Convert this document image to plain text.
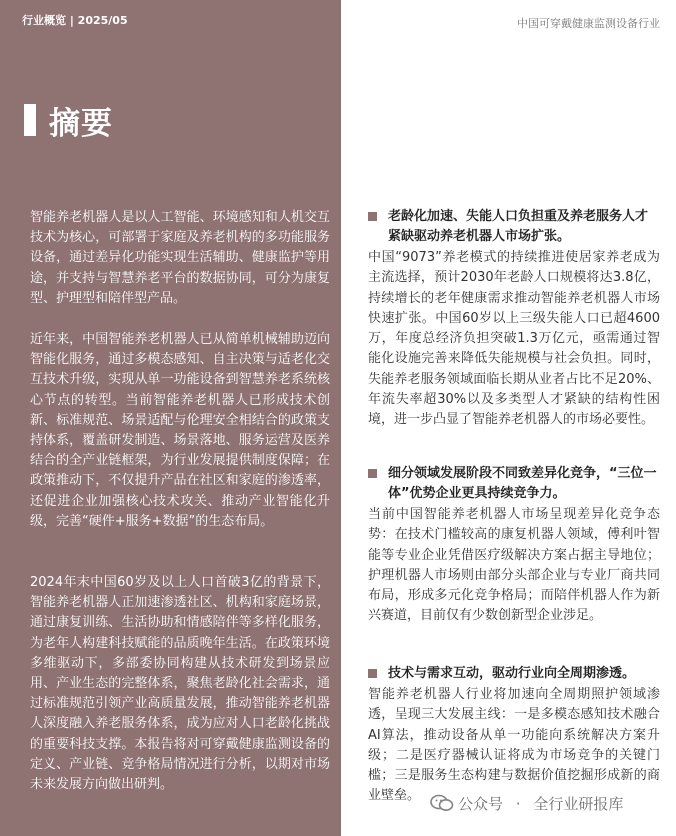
行业概览 | 2025/05
摘要
智能养老机器人是以人工智能、环境感知和人机交互技术为核心，可部署于家庭及养老机构的多功能服务设备，通过差异化功能实现生活辅助、健康监护等用途，并支持与智慧养老平台的数据协同，可分为康复型、护理型和陪伴型产品。
近年来，中国智能养老机器人已从简单机械辅助迈向智能化服务，通过多模态感知、自主决策与适老化交互技术升级，实现从单一功能设备到智慧养老系统核心节点的转型。当前智能养老机器人已形成技术创新、标准规范、场景适配与伦理安全相结合的政策支持体系，覆盖研发制造、场景落地、服务运营及医养结合的全产业链框架，为行业发展提供制度保障；在政策推动下，不仅提升产品在社区和家庭的渗透率，还促进企业加强核心技术攻关、推动产业智能化升级，完善“硬件+服务+数据”的生态布局。
2024年末中国60岁及以上人口首破3亿的背景下，智能养老机器人正加速渗透社区、机构和家庭场景，通过康复训练、生活协助和情感陪伴等多样化服务，为老年人构建科技赋能的品质晚年生活。在政策环境多维驱动下，多部委协同构建从技术研发到场景应用、产业生态的完整体系，聚焦老龄化社会需求，通过标准规范引领产业高质量发展，推动智能养老机器人深度融入养老服务体系，成为应对人口老龄化挑战的重要科技支撑。本报告将对可穿戴健康监测设备的定义、产业链、竞争格局情况进行分析，以期对市场未来发展方向做出研判。
中国可穿戴健康监测设备行业
老龄化加速、失能人口负担重及养老服务人才紧缺驱动养老机器人市场扩张。
中国“9073”养老模式的持续推进使居家养老成为主流选择，预计2030年老龄人口规模将达3.8亿，持续增长的老年健康需求推动智能养老机器人市场快速扩张。中国60岁以上三级失能人口已超4600万，年度总经济负担突破1.3万亿元，亟需通过智能化设施完善来降低失能规模与社会负担。同时，失能养老服务领域面临长期从业者占比不足20%、年流失率超30%以及多类型人才紧缺的结构性困境，进一步凸显了智能养老机器人的市场必要性。
细分领域发展阶段不同致差异化竞争，“三位一体”优势企业更具持续竞争力。
当前中国智能养老机器人市场呈现差异化竞争态势：在技术门槛较高的康复机器人领域，傅利叶智能等专业企业凭借医疗级解决方案占据主导地位；护理机器人市场则由部分头部企业与专业厂商共同布局，形成多元化竞争格局；而陪伴机器人作为新兴赛道，目前仅有少数创新型企业涉足。
技术与需求互动，驱动行业向全周期渗透。
智能养老机器人行业将加速向全周期照护领域渗透，呈现三大发展主线：一是多模态感知技术融合AI算法，推动设备从单一功能向系统解决方案升级；二是医疗器械认证将成为市场竞争的关键门槛；三是服务生态构建与数据价值挖掘形成新的商业壁垒。	公众号 · 全行业研报库
